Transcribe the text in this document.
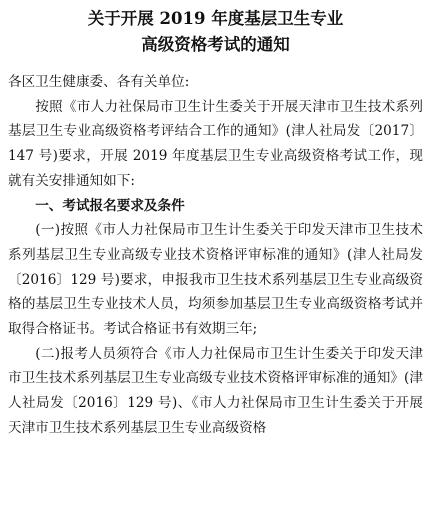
关于开展 2019 年度基层卫生专业

高级资格考试的通知

各区卫生健康委、各有关单位:

按照《市人力社保局市卫生计生委关于开展天津市卫生技术系列基层卫生专业高级资格考评结合工作的通知》(津人社局发〔2017〕147 号)要求，开展 2019 年度基层卫生专业高级资格考试工作，现就有关安排通知如下:

一、考试报名要求及条件

(一)按照《市人力社保局市卫生计生委关于印发天津市卫生技术系列基层卫生专业高级专业技术资格评审标准的通知》(津人社局发〔2016〕129 号)要求，申报我市卫生技术系列基层卫生专业高级资格的基层卫生专业技术人员，均须参加基层卫生专业高级资格考试并取得合格证书。考试合格证书有效期三年;

(二)报考人员须符合《市人力社保局市卫生计生委关于印发天津市卫生技术系列基层卫生专业高级专业技术资格评审标准的通知》(津人社局发〔2016〕129 号)、《市人力社保局市卫生计生委关于开展天津市卫生技术系列基层卫生专业高级资格
